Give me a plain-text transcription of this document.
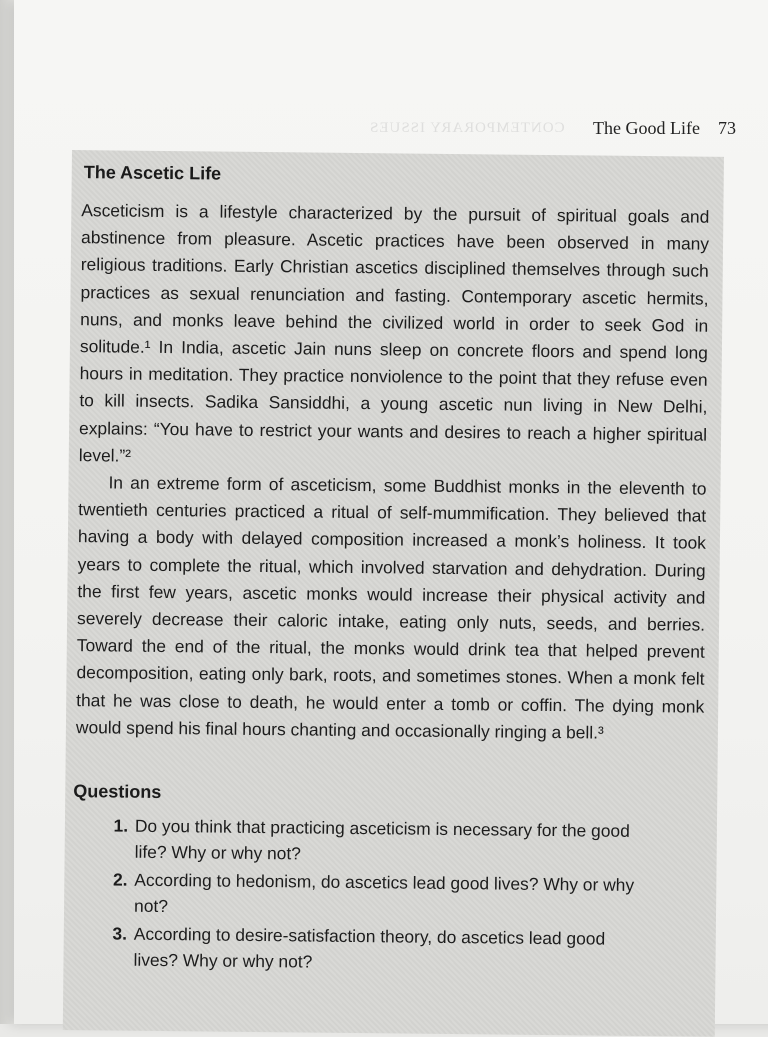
CONTEMPORARY ISSUES The Good Life 73
The Ascetic Life

Asceticism is a lifestyle characterized by the pursuit of spiritual goals and abstinence from pleasure. Ascetic practices have been observed in many religious traditions. Early Christian ascetics disciplined themselves through such practices as sexual renunciation and fasting. Contemporary ascetic hermits, nuns, and monks leave behind the civilized world in order to seek God in solitude.¹ In India, ascetic Jain nuns sleep on concrete floors and spend long hours in meditation. They practice nonviolence to the point that they refuse even to kill insects. Sadika Sansiddhi, a young ascetic nun living in New Delhi, explains: “You have to restrict your wants and desires to reach a higher spiritual level.”²

In an extreme form of asceticism, some Buddhist monks in the eleventh to twentieth centuries practiced a ritual of self-mummification. They believed that having a body with delayed composition increased a monk’s holiness. It took years to complete the ritual, which involved starvation and dehydration. During the first few years, ascetic monks would increase their physical activity and severely decrease their caloric intake, eating only nuts, seeds, and berries. Toward the end of the ritual, the monks would drink tea that helped prevent decomposition, eating only bark, roots, and sometimes stones. When a monk felt that he was close to death, he would enter a tomb or coffin. The dying monk would spend his final hours chanting and occasionally ringing a bell.³

Questions
1. Do you think that practicing asceticism is necessary for the good life? Why or why not?
2. According to hedonism, do ascetics lead good lives? Why or why not?
3. According to desire-satisfaction theory, do ascetics lead good lives? Why or why not?
